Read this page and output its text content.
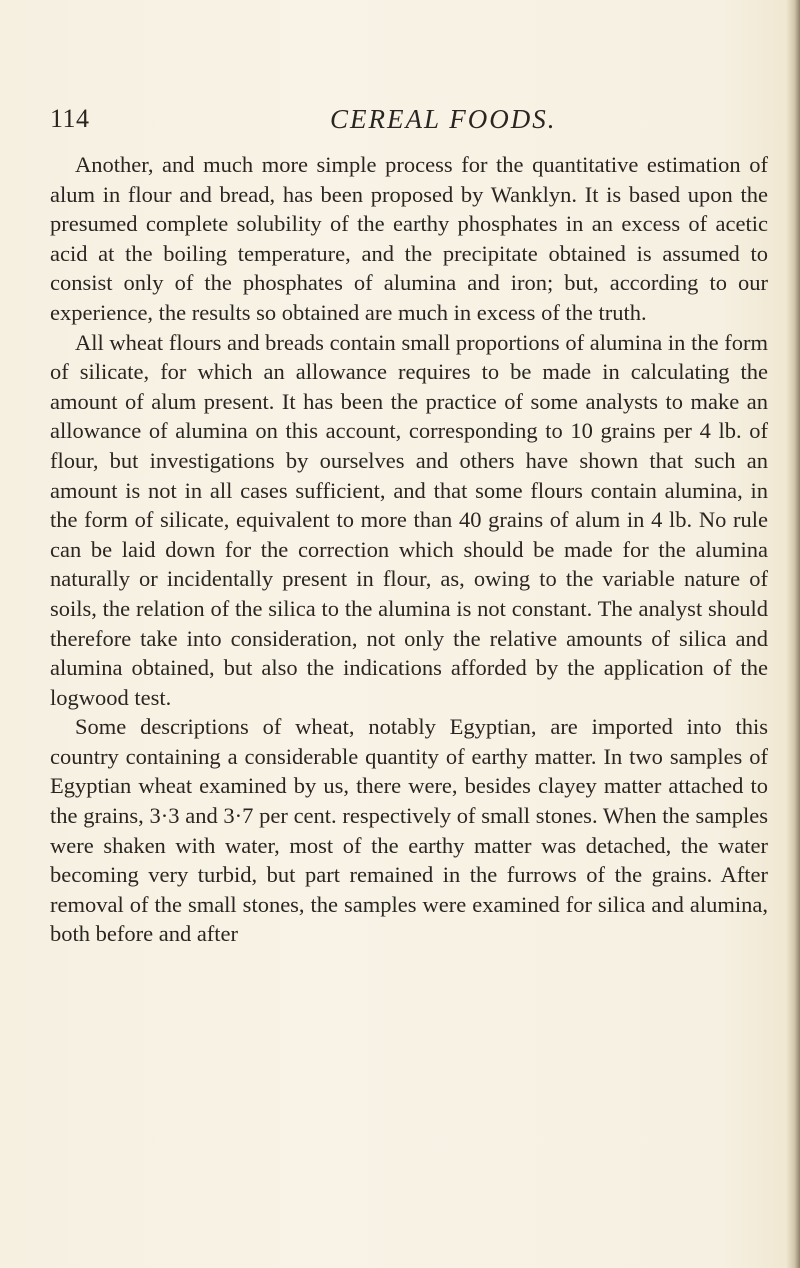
114	CEREAL FOODS.

Another, and much more simple process for the quantitative estimation of alum in flour and bread, has been proposed by Wanklyn. It is based upon the presumed complete solubility of the earthy phosphates in an excess of acetic acid at the boiling temperature, and the precipitate obtained is assumed to consist only of the phosphates of alumina and iron; but, according to our experience, the results so obtained are much in excess of the truth.

All wheat flours and breads contain small proportions of alumina in the form of silicate, for which an allowance requires to be made in calculating the amount of alum present. It has been the practice of some analysts to make an allowance of alumina on this account, corresponding to 10 grains per 4 lb. of flour, but investigations by ourselves and others have shown that such an amount is not in all cases sufficient, and that some flours contain alumina, in the form of silicate, equivalent to more than 40 grains of alum in 4 lb. No rule can be laid down for the correction which should be made for the alumina naturally or incidentally present in flour, as, owing to the variable nature of soils, the relation of the silica to the alumina is not constant. The analyst should therefore take into consideration, not only the relative amounts of silica and alumina obtained, but also the indications afforded by the application of the logwood test.

Some descriptions of wheat, notably Egyptian, are imported into this country containing a considerable quantity of earthy matter. In two samples of Egyptian wheat examined by us, there were, besides clayey matter attached to the grains, 3·3 and 3·7 per cent. respectively of small stones. When the samples were shaken with water, most of the earthy matter was detached, the water becoming very turbid, but part remained in the furrows of the grains. After removal of the small stones, the samples were examined for silica and alumina, both before and after
